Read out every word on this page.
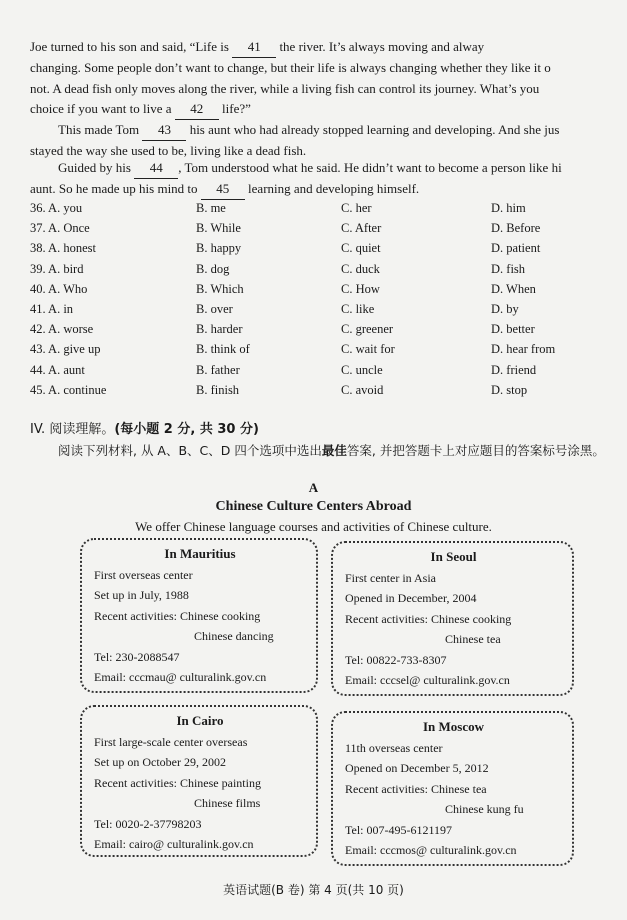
Joe turned to his son and said, “Life is 41 the river. It’s always moving and alway
changing. Some people don’t want to change, but their life is always changing whether they like it o
not. A dead fish only moves along the river, while a living fish can control its journey. What’s you
choice if you want to live a 42 life?”
This made Tom 43 his aunt who had already stopped learning and developing. And she jus
stayed the way she used to be, living like a dead fish.
Guided by his 44 , Tom understood what he said. He didn’t want to become a person like hi
aunt. So he made up his mind to 45 learning and developing himself.
36. A. you	B. me	C. her	D. him
37. A. Once	B. While	C. After	D. Before
38. A. honest	B. happy	C. quiet	D. patient
39. A. bird	B. dog	C. duck	D. fish
40. A. Who	B. Which	C. How	D. When
41. A. in	B. over	C. like	D. by
42. A. worse	B. harder	C. greener	D. better
43. A. give up	B. think of	C. wait for	D. hear from
44. A. aunt	B. father	C. uncle	D. friend
45. A. continue	B. finish	C. avoid	D. stop
IV. 阅读理解。(每小题 2 分, 共 30 分)
阅读下列材料, 从 A、B、C、D 四个选项中选出最佳答案, 并把答题卡上对应题目的答案标号涂黑。
A
Chinese Culture Centers Abroad
We offer Chinese language courses and activities of Chinese culture.
In Mauritius
First overseas center
Set up in July, 1988
Recent activities: Chinese cooking
Chinese dancing
Tel: 230-2088547
Email: cccmau@ culturalink.gov.cn
In Seoul
First center in Asia
Opened in December, 2004
Recent activities: Chinese cooking
Chinese tea
Tel: 00822-733-8307
Email: cccsel@ culturalink.gov.cn
In Cairo
First large-scale center overseas
Set up on October 29, 2002
Recent activities: Chinese painting
Chinese films
Tel: 0020-2-37798203
Email: cairo@ culturalink.gov.cn
In Moscow
11th overseas center
Opened on December 5, 2012
Recent activities: Chinese tea
Chinese kung fu
Tel: 007-495-6121197
Email: cccmos@ culturalink.gov.cn
英语试题(B 卷) 第 4 页(共 10 页)
